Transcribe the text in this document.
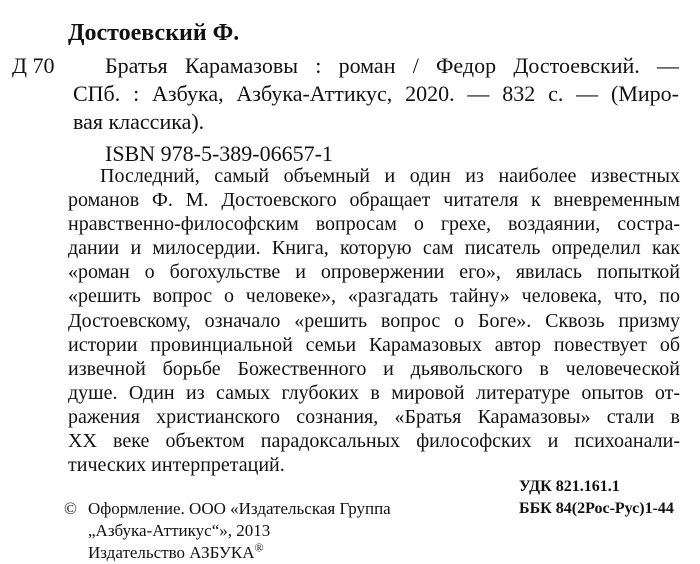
Достоевский Ф.
Д 70	Братья Карамазовы : роман / Федор Достоевский. —
СПб. : Азбука, Азбука-Аттикус, 2020. — 832 с. — (Миро-
вая классика).
ISBN 978-5-389-06657-1
Последний, самый объемный и один из наиболее известных
романов Ф. М. Достоевского обращает читателя к вневременным
нравственно-философским вопросам о грехе, воздаянии, состра-
дании и милосердии. Книга, которую сам писатель определил как
«роман о богохульстве и опровержении его», явилась попыткой
«решить вопрос о человеке», «разгадать тайну» человека, что, по
Достоевскому, означало «решить вопрос о Боге». Сквозь призму
истории провинциальной семьи Карамазовых автор повествует об
извечной борьбе Божественного и дьявольского в человеческой
душе. Один из самых глубоких в мировой литературе опытов от-
ражения христианского сознания, «Братья Карамазовы» стали в
XX веке объектом парадоксальных философских и психоанали-
тических интерпретаций.
УДК 821.161.1
ББК 84(2Рос-Рус)1-44
© Оформление. ООО «Издательская Группа
„Азбука-Аттикус“», 2013
Издательство АЗБУКА®
